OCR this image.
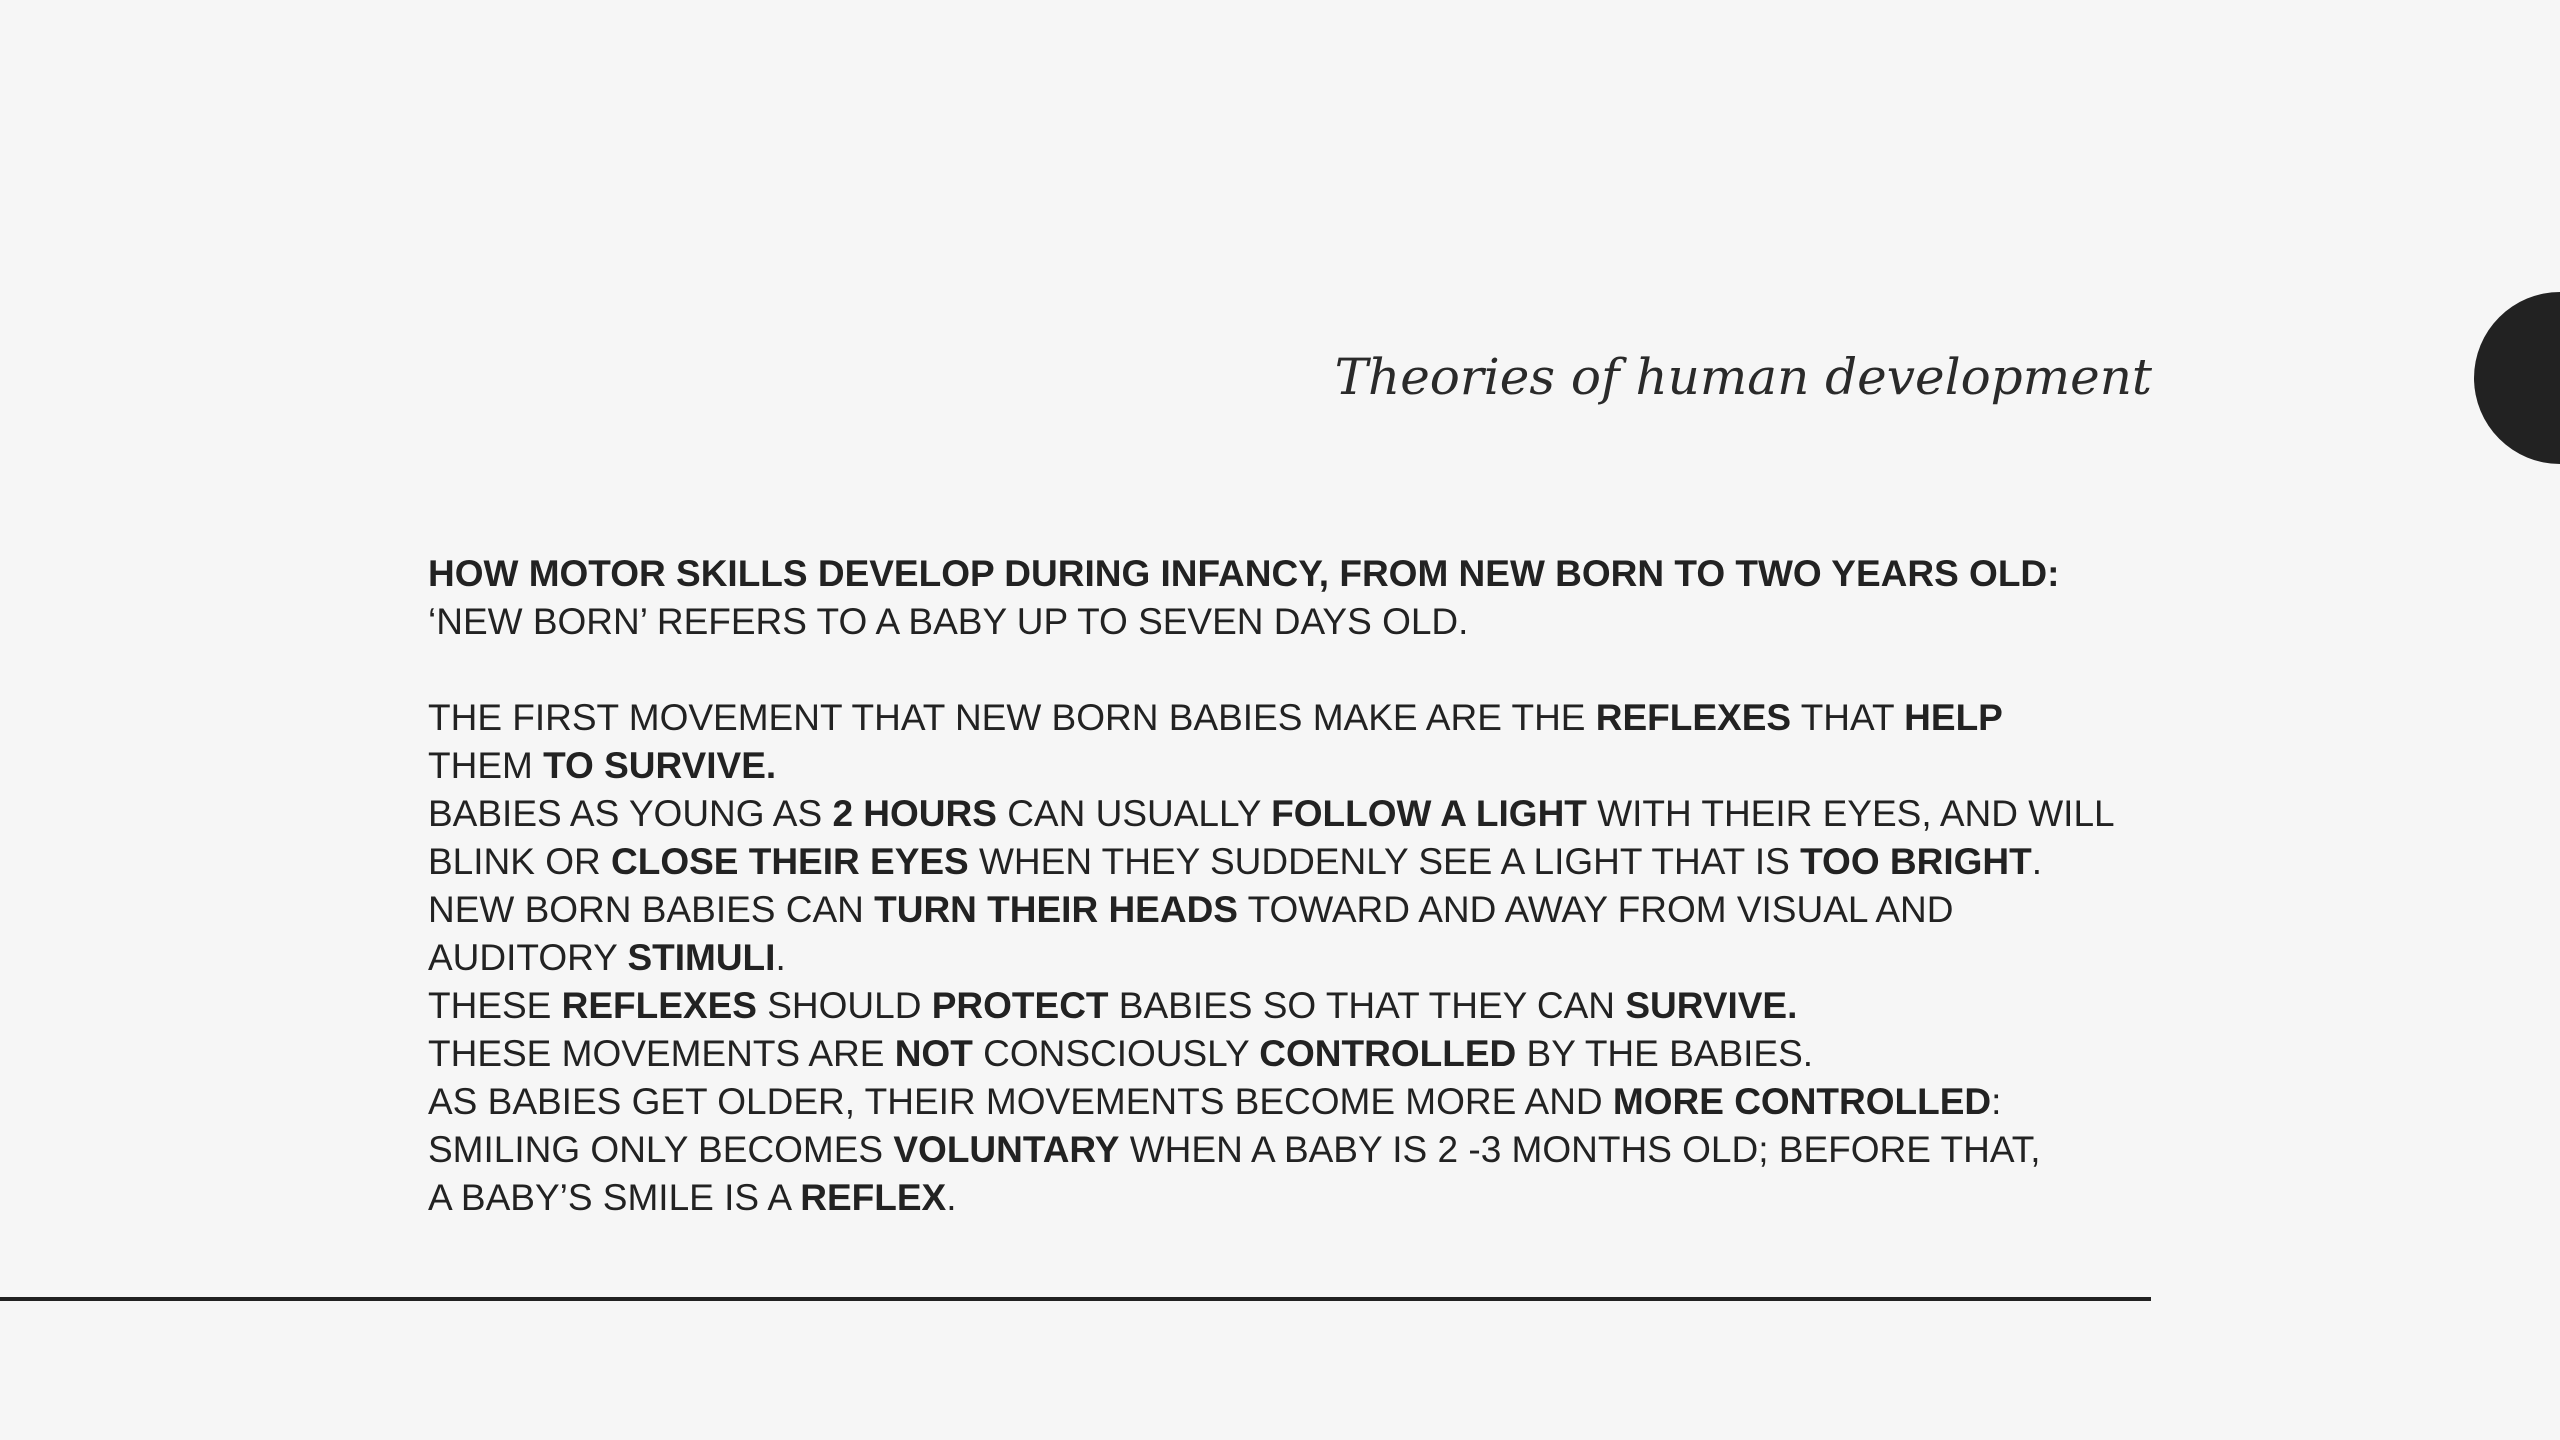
Theories of human development

HOW MOTOR SKILLS DEVELOP DURING INFANCY, FROM NEW BORN TO TWO YEARS OLD:

‘NEW BORN’ REFERS TO A BABY UP TO SEVEN DAYS OLD.

THE FIRST MOVEMENT THAT NEW BORN BABIES MAKE ARE THE REFLEXES THAT HELP

THEM TO SURVIVE.

BABIES AS YOUNG AS 2 HOURS CAN USUALLY FOLLOW A LIGHT WITH THEIR EYES, AND WILL

BLINK OR CLOSE THEIR EYES WHEN THEY SUDDENLY SEE A LIGHT THAT IS TOO BRIGHT.

NEW BORN BABIES CAN TURN THEIR HEADS TOWARD AND AWAY FROM VISUAL AND

AUDITORY STIMULI.

THESE REFLEXES SHOULD PROTECT BABIES SO THAT THEY CAN SURVIVE.

THESE MOVEMENTS ARE NOT CONSCIOUSLY CONTROLLED BY THE BABIES.

AS BABIES GET OLDER, THEIR MOVEMENTS BECOME MORE AND MORE CONTROLLED:

SMILING ONLY BECOMES VOLUNTARY WHEN A BABY IS 2 -3 MONTHS OLD; BEFORE THAT,

A BABY’S SMILE IS A REFLEX.
